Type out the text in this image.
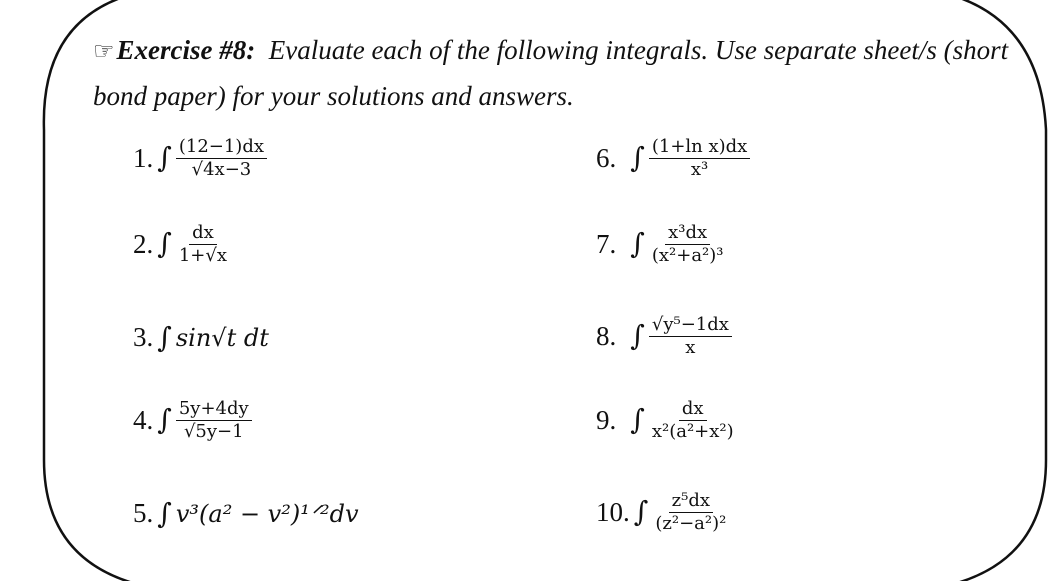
☞Exercise #8: Evaluate each of the following integrals. Use separate sheet/s (short bond paper) for your solutions and answers.
1. ∫ $\frac{(12-1)dx}{√4x-3}$
2. ∫ $\frac{dx}{1+√x}$
3. ∫ sin√t dt
4. ∫ $\frac{5y+4dy}{√5y-1}$
5. ∫ v³(a² − v²)¹ᐟ²dv
6. ∫ $\frac{\text{(1+ln x)dx}}{\text{x³}}$
7. ∫ $\frac{\text{x³dx}}{\text{(x²+a²)³}}$
8. ∫ $\frac{\text{√y⁵−1dx}}{x}$
9. ∫ $\frac{dx}{\text{x²(a²+x²)}}$
10. ∫ $\frac{\text{z⁵dx}}{\text{(z²−a²)²}}$
